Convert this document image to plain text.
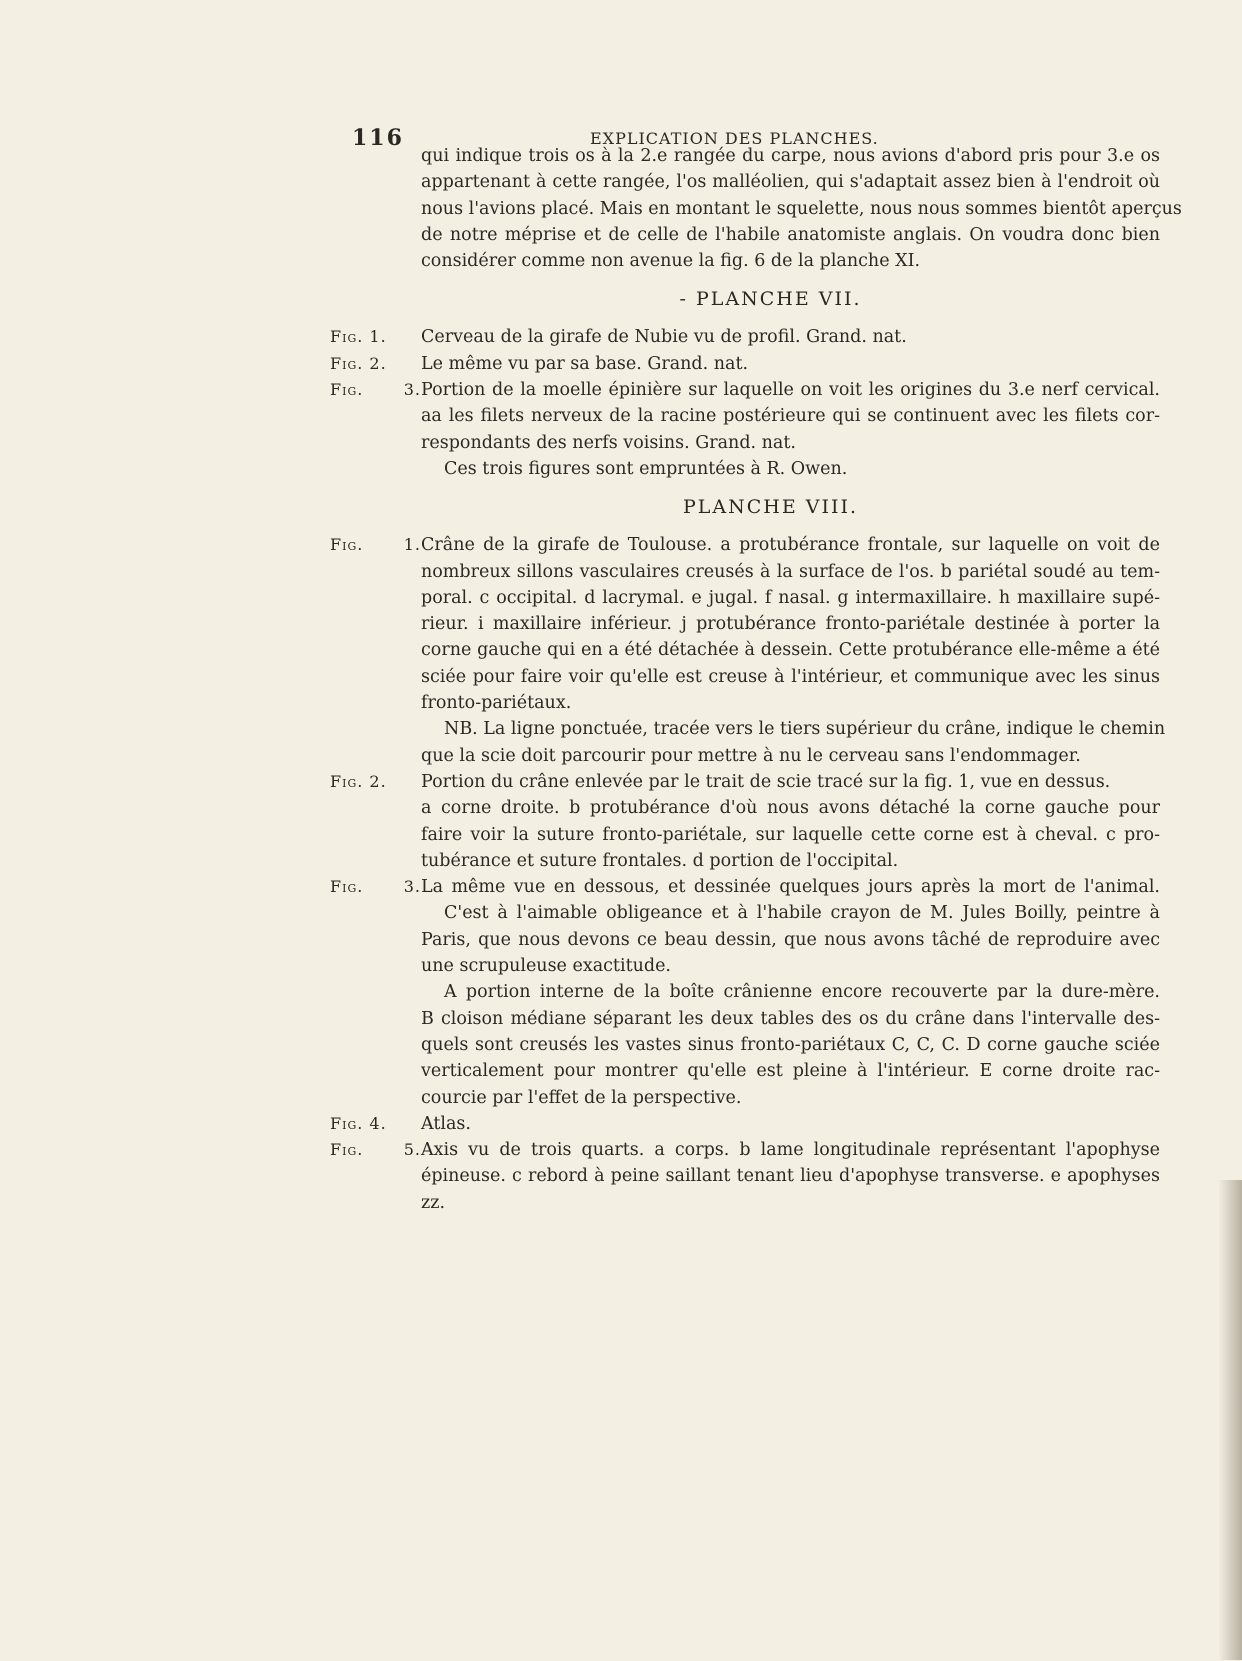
116	EXPLICATION DES PLANCHES.
qui indique trois os à la 2.e rangée du carpe, nous avions d'abord pris pour 3.e os
appartenant à cette rangée, l'os malléolien, qui s'adaptait assez bien à l'endroit où
nous l'avions placé. Mais en montant le squelette, nous nous sommes bientôt aperçus
de notre méprise et de celle de l'habile anatomiste anglais. On voudra donc bien
considérer comme non avenue la fig. 6 de la planche XI.
- PLANCHE VII.
Fig. 1.	Cerveau de la girafe de Nubie vu de profil. Grand. nat.
Fig. 2.	Le même vu par sa base. Grand. nat.
Fig. 3. Portion de la moelle épinière sur laquelle on voit les origines du 3.e nerf cervical.
aa les filets nerveux de la racine postérieure qui se continuent avec les filets cor-
respondants des nerfs voisins. Grand. nat.
Ces trois figures sont empruntées à R. Owen.
PLANCHE VIII.
Fig. 1. Crâne de la girafe de Toulouse. a protubérance frontale, sur laquelle on voit de
nombreux sillons vasculaires creusés à la surface de l'os. b pariétal soudé au tem-
poral. c occipital. d lacrymal. e jugal. f nasal. g intermaxillaire. h maxillaire supé-
rieur. i maxillaire inférieur. j protubérance fronto-pariétale destinée à porter la
corne gauche qui en a été détachée à dessein. Cette protubérance elle-même a été
sciée pour faire voir qu'elle est creuse à l'intérieur, et communique avec les sinus
fronto-pariétaux.
NB. La ligne ponctuée, tracée vers le tiers supérieur du crâne, indique le chemin
que la scie doit parcourir pour mettre à nu le cerveau sans l'endommager.
Fig. 2.	Portion du crâne enlevée par le trait de scie tracé sur la fig. 1, vue en dessus.
a corne droite. b protubérance d'où nous avons détaché la corne gauche pour
faire voir la suture fronto-pariétale, sur laquelle cette corne est à cheval. c pro-
tubérance et suture frontales. d portion de l'occipital.
Fig. 3. La même vue en dessous, et dessinée quelques jours après la mort de l'animal.
C'est à l'aimable obligeance et à l'habile crayon de M. Jules Boilly, peintre à
Paris, que nous devons ce beau dessin, que nous avons tâché de reproduire avec
une scrupuleuse exactitude.
A portion interne de la boîte crânienne encore recouverte par la dure-mère.
B cloison médiane séparant les deux tables des os du crâne dans l'intervalle des-
quels sont creusés les vastes sinus fronto-pariétaux C, C, C. D corne gauche sciée
verticalement pour montrer qu'elle est pleine à l'intérieur. E corne droite rac-
courcie par l'effet de la perspective.
Fig. 4.	Atlas.
Fig. 5. Axis vu de trois quarts. a corps. b lame longitudinale représentant l'apophyse
épineuse. c rebord à peine saillant tenant lieu d'apophyse transverse. e apophyses
zz.
